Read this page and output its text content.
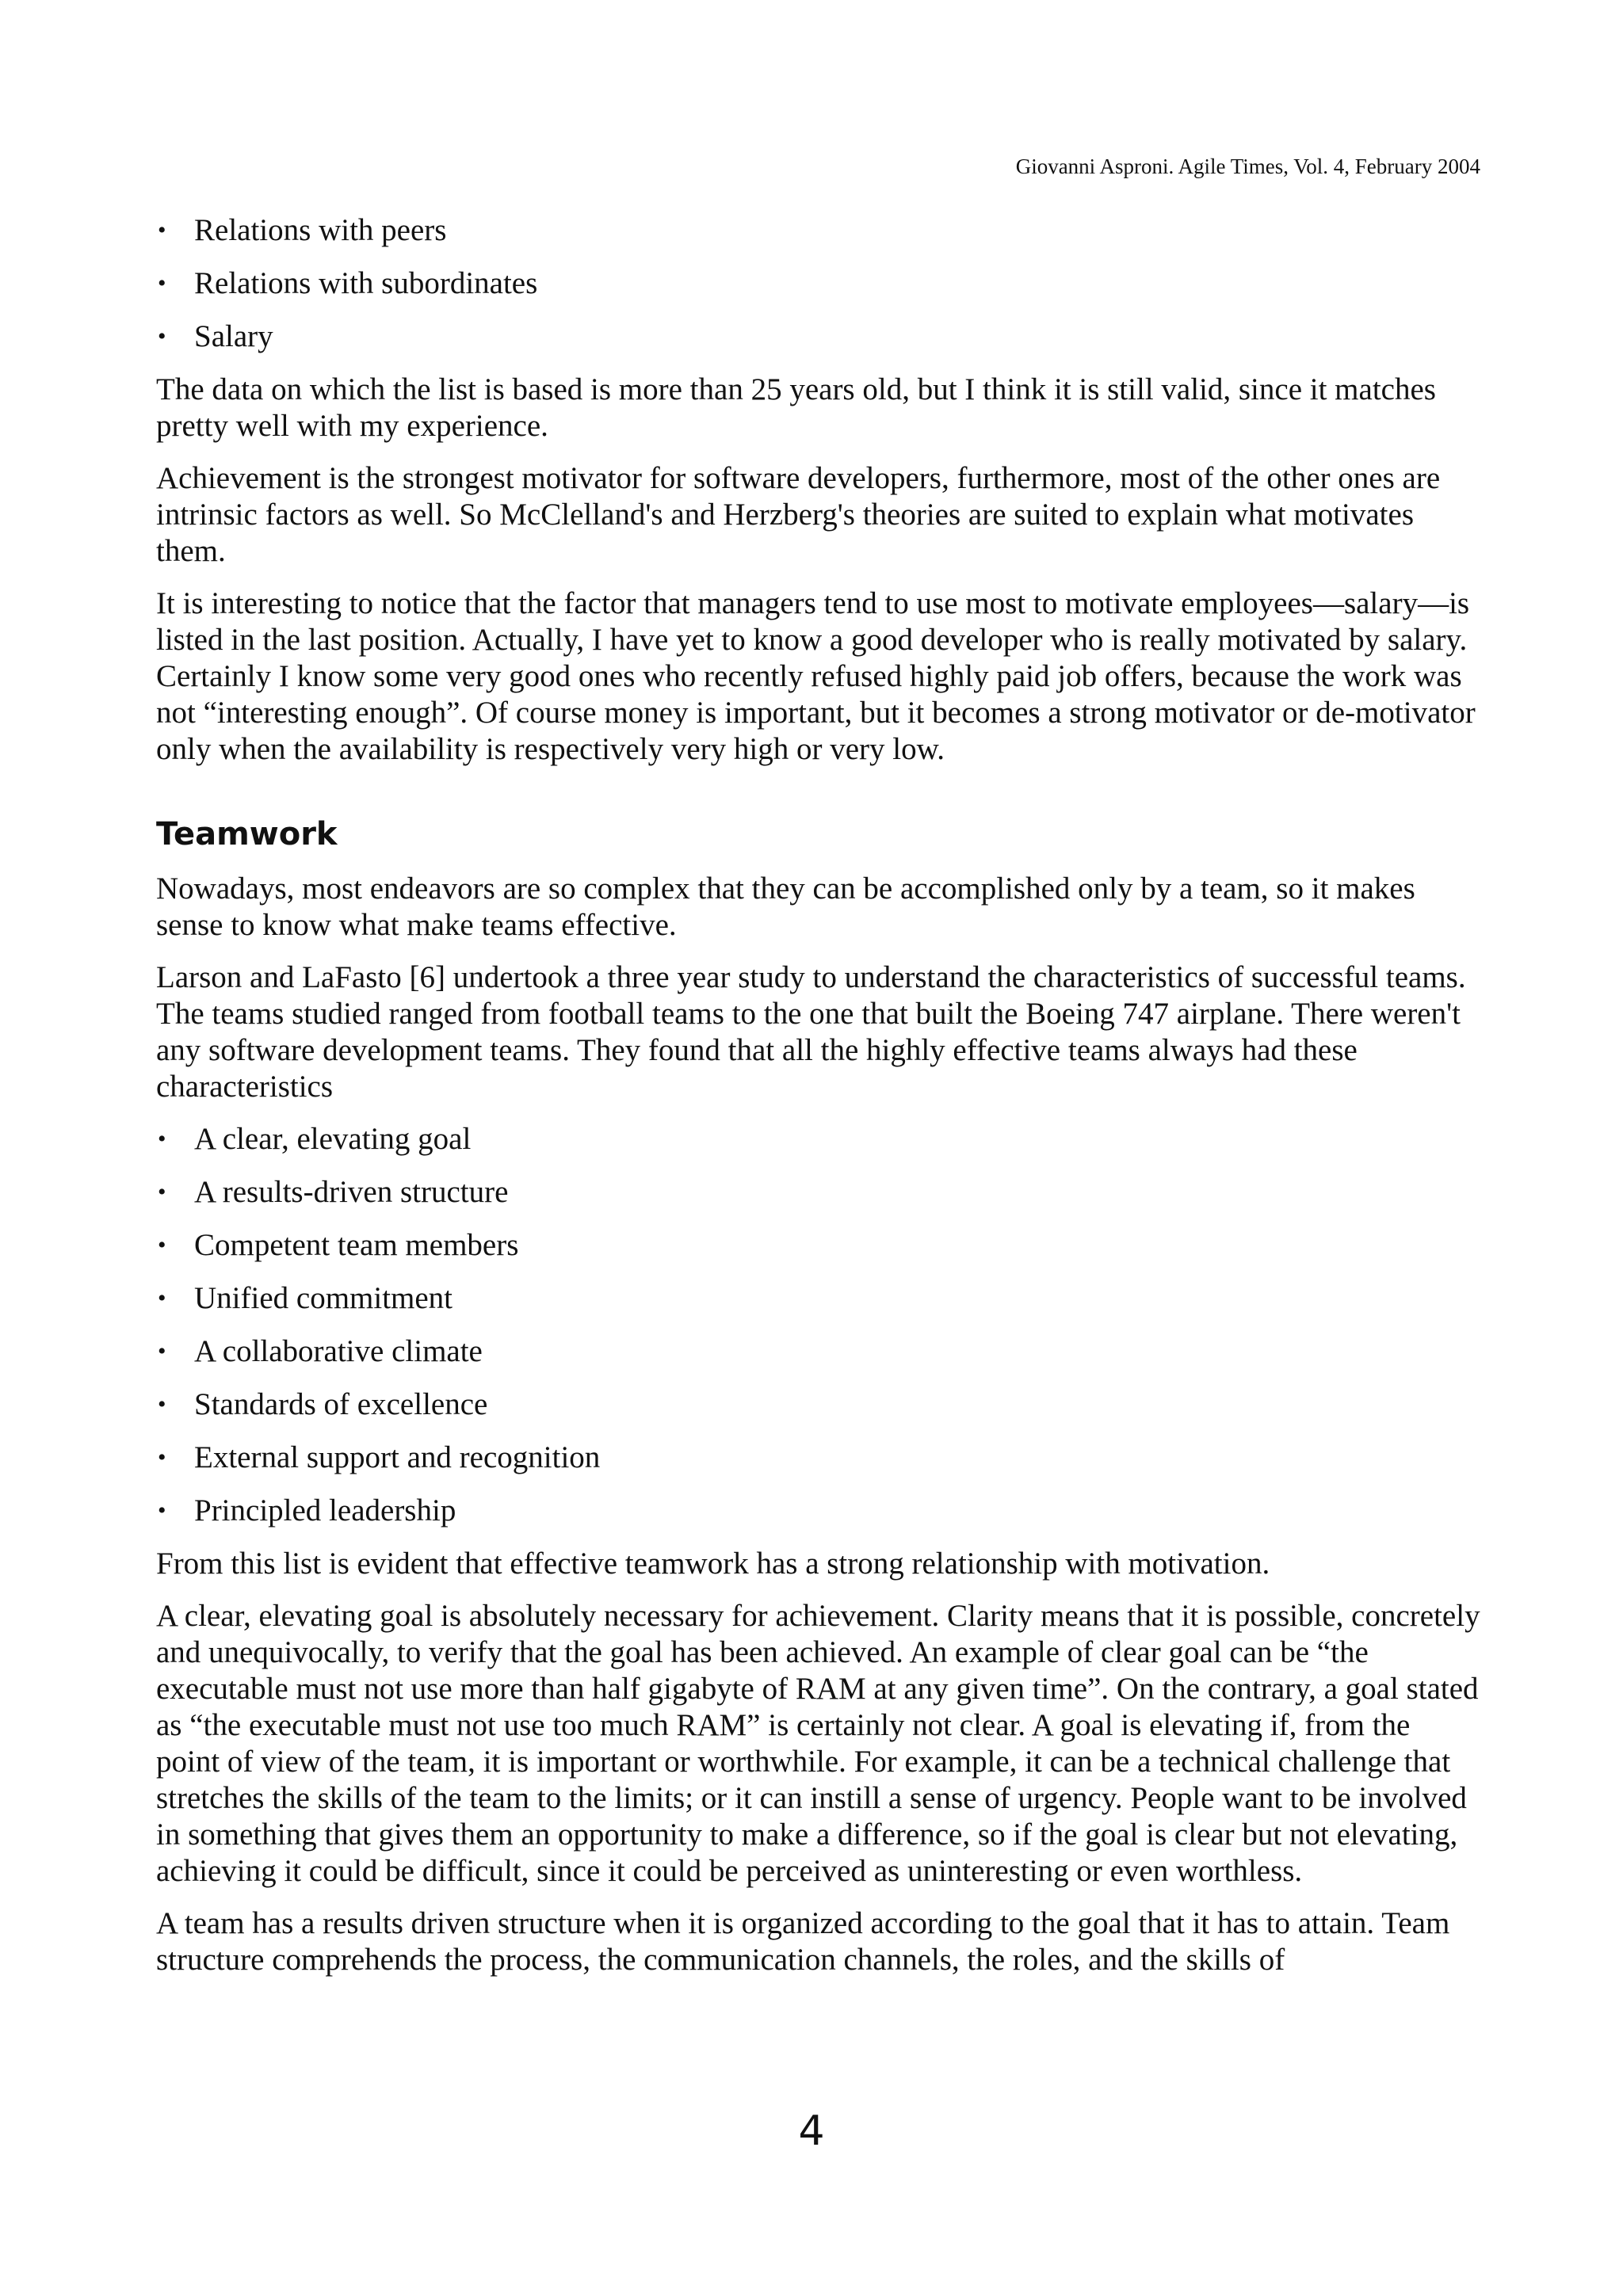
Giovanni Asproni. Agile Times, Vol. 4, February 2004
• Relations with peers
• Relations with subordinates
• Salary

The data on which the list is based is more than 25 years old, but I think it is still valid, since it matches pretty well with my experience.

Achievement is the strongest motivator for software developers, furthermore, most of the other ones are intrinsic factors as well. So McClelland's and Herzberg's theories are suited to explain what motivates them.

It is interesting to notice that the factor that managers tend to use most to motivate employees—salary—is listed in the last position. Actually, I have yet to know a good developer who is really motivated by salary. Certainly I know some very good ones who recently refused highly paid job offers, because the work was not “interesting enough”. Of course money is important, but it becomes a strong motivator or de-motivator only when the availability is respectively very high or very low.

Teamwork

Nowadays, most endeavors are so complex that they can be accomplished only by a team, so it makes sense to know what make teams effective.

Larson and LaFasto [6] undertook a three year study to understand the characteristics of successful teams. The teams studied ranged from football teams to the one that built the Boeing 747 airplane. There weren't any software development teams. They found that all the highly effective teams always had these characteristics

• A clear, elevating goal
• A results-driven structure
• Competent team members
• Unified commitment
• A collaborative climate
• Standards of excellence
• External support and recognition
• Principled leadership

From this list is evident that effective teamwork has a strong relationship with motivation.

A clear, elevating goal is absolutely necessary for achievement. Clarity means that it is possible, concretely and unequivocally, to verify that the goal has been achieved. An example of clear goal can be “the executable must not use more than half gigabyte of RAM at any given time”. On the contrary, a goal stated as “the executable must not use too much RAM” is certainly not clear. A goal is elevating if, from the point of view of the team, it is important or worthwhile. For example, it can be a technical challenge that stretches the skills of the team to the limits; or it can instill a sense of urgency. People want to be involved in something that gives them an opportunity to make a difference, so if the goal is clear but not elevating, achieving it could be difficult, since it could be perceived as uninteresting or even worthless.

A team has a results driven structure when it is organized according to the goal that it has to attain. Team structure comprehends the process, the communication channels, the roles, and the skills of

4
